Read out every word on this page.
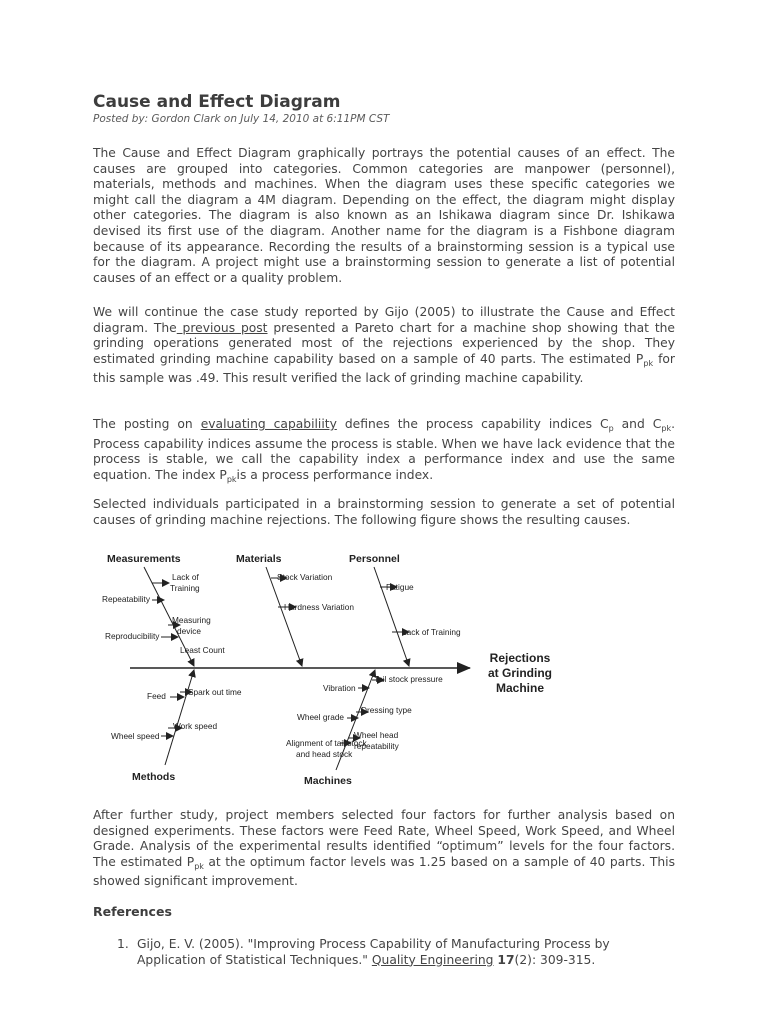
Cause and Effect Diagram
Posted by: Gordon Clark on July 14, 2010 at 6:11PM CST

The Cause and Effect Diagram graphically portrays the potential causes of an effect. The causes are grouped into categories. Common categories are manpower (personnel), materials, methods and machines. When the diagram uses these specific categories we might call the diagram a 4M diagram. Depending on the effect, the diagram might display other categories. The diagram is also known as an Ishikawa diagram since Dr. Ishikawa devised its first use of the diagram. Another name for the diagram is a Fishbone diagram because of its appearance. Recording the results of a brainstorming session is a typical use for the diagram. A project might use a brainstorming session to generate a list of potential causes of an effect or a quality problem.

We will continue the case study reported by Gijo (2005) to illustrate the Cause and Effect diagram. The previous post presented a Pareto chart for a machine shop showing that the grinding operations generated most of the rejections experienced by the shop. They estimated grinding machine capability based on a sample of 40 parts. The estimated $P_{pk}$ for this sample was .49. This result verified the lack of grinding machine capability.

The posting on evaluating capabiliity defines the process capability indices $C_p$ and $C_{pk}$. Process capability indices assume the process is stable. When we have lack evidence that the process is stable, we call the capability index a performance index and use the same equation. The index $P_{pk}is$ a process performance index.

Selected individuals participated in a brainstorming session to generate a set of potential causes of grinding machine rejections. The following figure shows the resulting causes.

Measurements	Materials	Personnel
Methods	Machines
Rejections
at Grinding
Machine
Lack of
Training
Repeatability
Measuring
device
Reproducibility
Least Count
Stock Variation
Hardness Variation
Fatigue
Lack of Training
Feed	Spark out time
Work speed
Wheel speed
Vibration
Tail stock pressure
Wheel grade
Dressing type
Alignment of tail stock
and head stock
Wheel head
repeatability

After further study, project members selected four factors for further analysis based on designed experiments. These factors were Feed Rate, Wheel Speed, Work Speed, and Wheel Grade. Analysis of the experimental results identified “optimum” levels for the four factors. The estimated $P_{pk}$ at the optimum factor levels was 1.25 based on a sample of 40 parts. This showed significant improvement.

References
1. Gijo, E. V. (2005). "Improving Process Capability of Manufacturing Process by Application of Statistical Techniques." Quality Engineering 17(2): 309-315.
